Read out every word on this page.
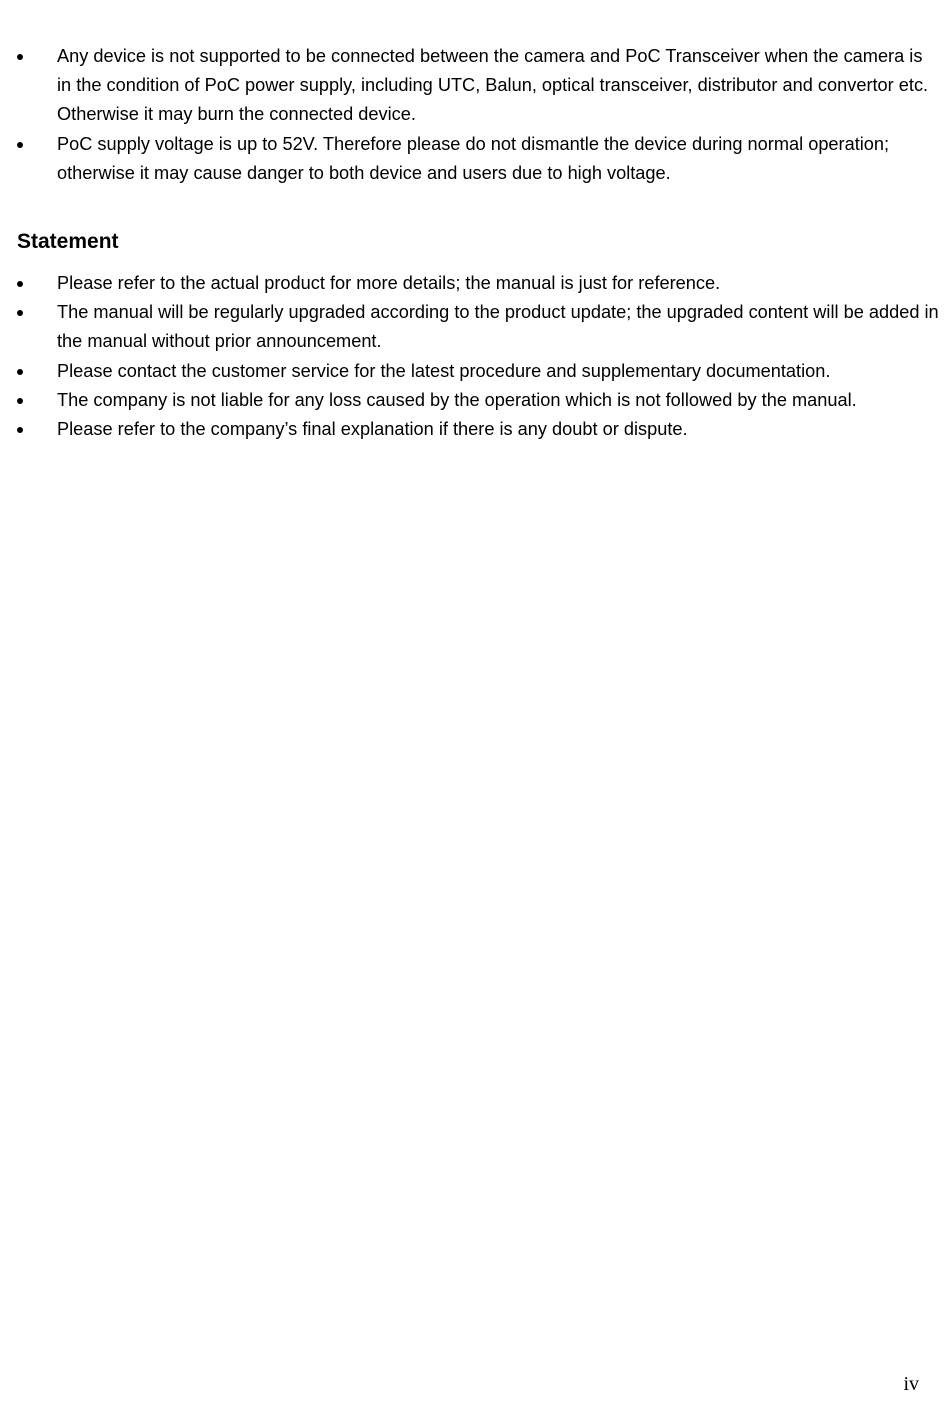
Any device is not supported to be connected between the camera and PoC Transceiver when the camera is in the condition of PoC power supply, including UTC, Balun, optical transceiver, distributor and convertor etc. Otherwise it may burn the connected device.
PoC supply voltage is up to 52V. Therefore please do not dismantle the device during normal operation; otherwise it may cause danger to both device and users due to high voltage.
Statement
Please refer to the actual product for more details; the manual is just for reference.
The manual will be regularly upgraded according to the product update; the upgraded content will be added in the manual without prior announcement.
Please contact the customer service for the latest procedure and supplementary documentation.
The company is not liable for any loss caused by the operation which is not followed by the manual.
Please refer to the company’s final explanation if there is any doubt or dispute.
iv
